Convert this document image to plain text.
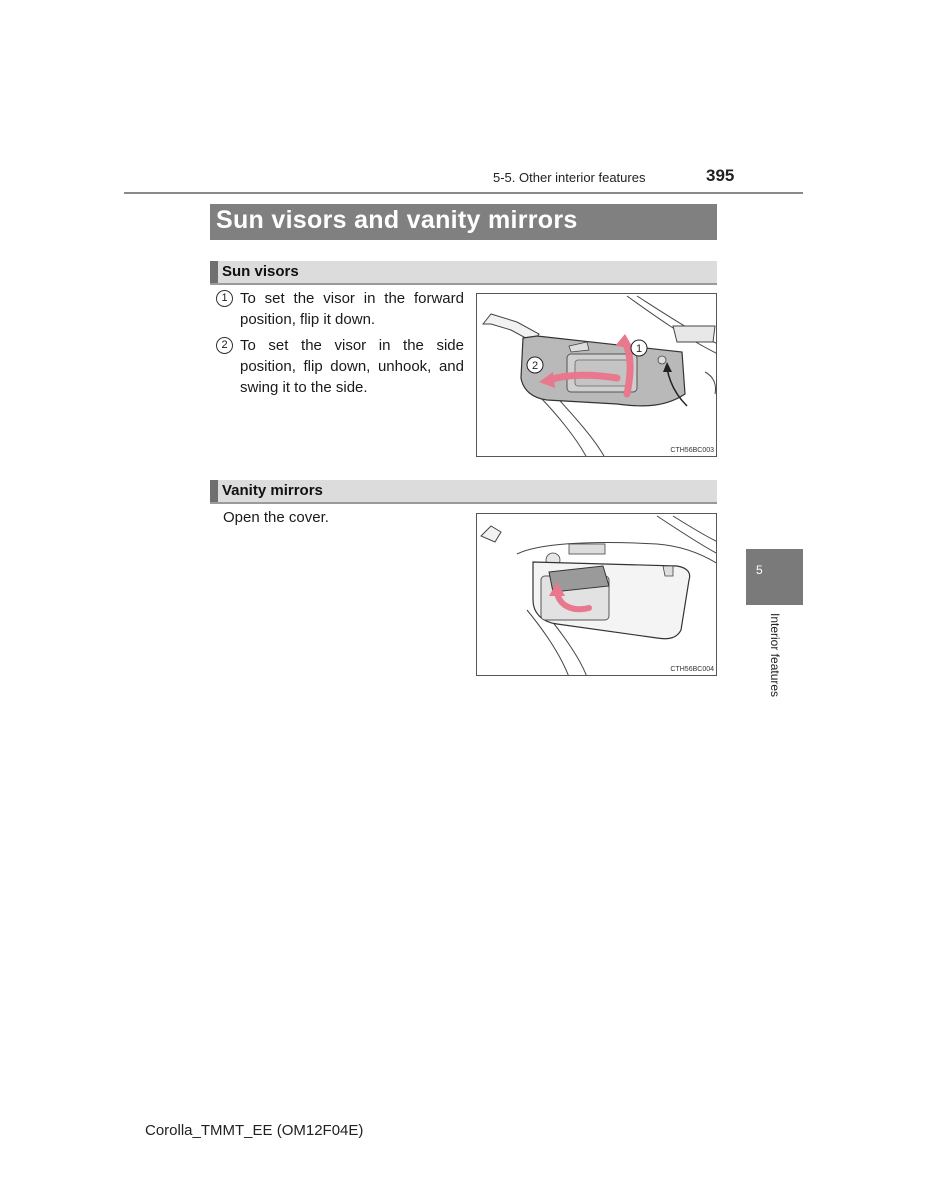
5-5. Other interior features	395
Sun visors and vanity mirrors
Sun visors
1 To set the visor in the forward position, flip it down.
2 To set the visor in the side position, flip down, unhook, and swing it to the side.
1
2
CTH56BC003
Vanity mirrors
Open the cover.
CTH56BC004
5
Interior features
Corolla_TMMT_EE (OM12F04E)
